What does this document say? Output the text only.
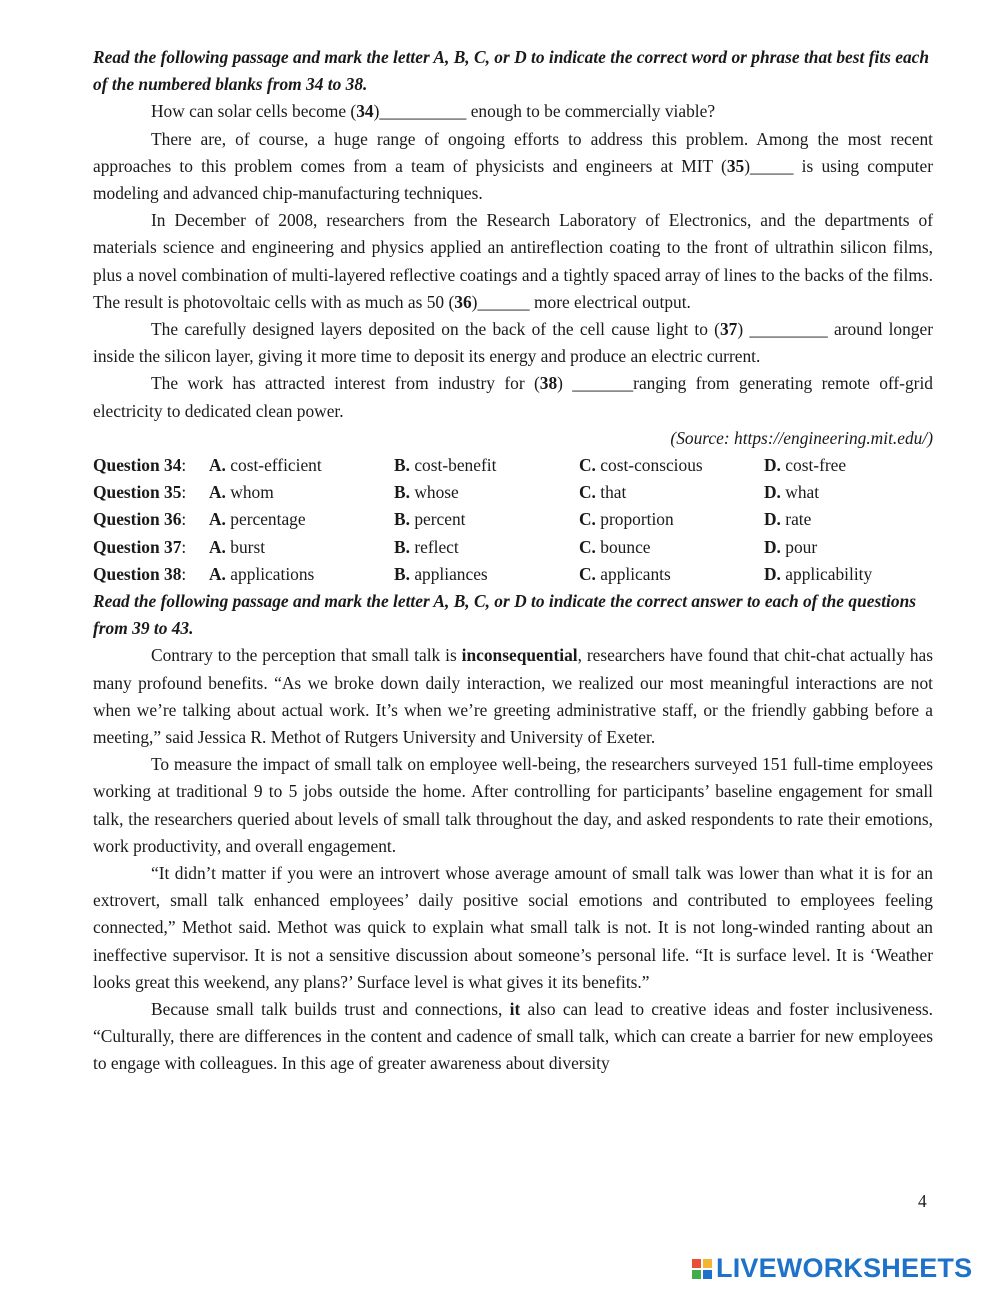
Read the following passage and mark the letter A, B, C, or D to indicate the correct word or phrase that best fits each of the numbered blanks from 34 to 38.

How can solar cells become (34)__________ enough to be commercially viable?

There are, of course, a huge range of ongoing efforts to address this problem. Among the most recent approaches to this problem comes from a team of physicists and engineers at MIT (35)_____ is using computer modeling and advanced chip-manufacturing techniques.

In December of 2008, researchers from the Research Laboratory of Electronics, and the departments of materials science and engineering and physics applied an antireflection coating to the front of ultrathin silicon films, plus a novel combination of multi-layered reflective coatings and a tightly spaced array of lines to the backs of the films. The result is photovoltaic cells with as much as 50 (36)______ more electrical output.

The carefully designed layers deposited on the back of the cell cause light to (37) _________ around longer inside the silicon layer, giving it more time to deposit its energy and produce an electric current.

The work has attracted interest from industry for (38) _______ranging from generating remote off-grid electricity to dedicated clean power.

(Source: https://engineering.mit.edu/)

Question 34:	A. cost-efficient	B. cost-benefit	C. cost-conscious	D. cost-free
Question 35:	A. whom	B. whose	C. that	D. what
Question 36:	A. percentage	B. percent	C. proportion	D. rate
Question 37:	A. burst	B. reflect	C. bounce	D. pour
Question 38:	A. applications	B. appliances	C. applicants	D. applicability

Read the following passage and mark the letter A, B, C, or D to indicate the correct answer to each of the questions from 39 to 43.

Contrary to the perception that small talk is inconsequential, researchers have found that chit-chat actually has many profound benefits. “As we broke down daily interaction, we realized our most meaningful interactions are not when we’re talking about actual work. It’s when we’re greeting administrative staff, or the friendly gabbing before a meeting,” said Jessica R. Methot of Rutgers University and University of Exeter.

To measure the impact of small talk on employee well-being, the researchers surveyed 151 full-time employees working at traditional 9 to 5 jobs outside the home. After controlling for participants’ baseline engagement for small talk, the researchers queried about levels of small talk throughout the day, and asked respondents to rate their emotions, work productivity, and overall engagement.

“It didn’t matter if you were an introvert whose average amount of small talk was lower than what it is for an extrovert, small talk enhanced employees’ daily positive social emotions and contributed to employees feeling connected,” Methot said. Methot was quick to explain what small talk is not. It is not long-winded ranting about an ineffective supervisor. It is not a sensitive discussion about someone’s personal life. “It is surface level. It is ‘Weather looks great this weekend, any plans?’ Surface level is what gives it its benefits.”

Because small talk builds trust and connections, it also can lead to creative ideas and foster inclusiveness. “Culturally, there are differences in the content and cadence of small talk, which can create a barrier for new employees to engage with colleagues. In this age of greater awareness about diversity

4
LIVEWORKSHEETS
